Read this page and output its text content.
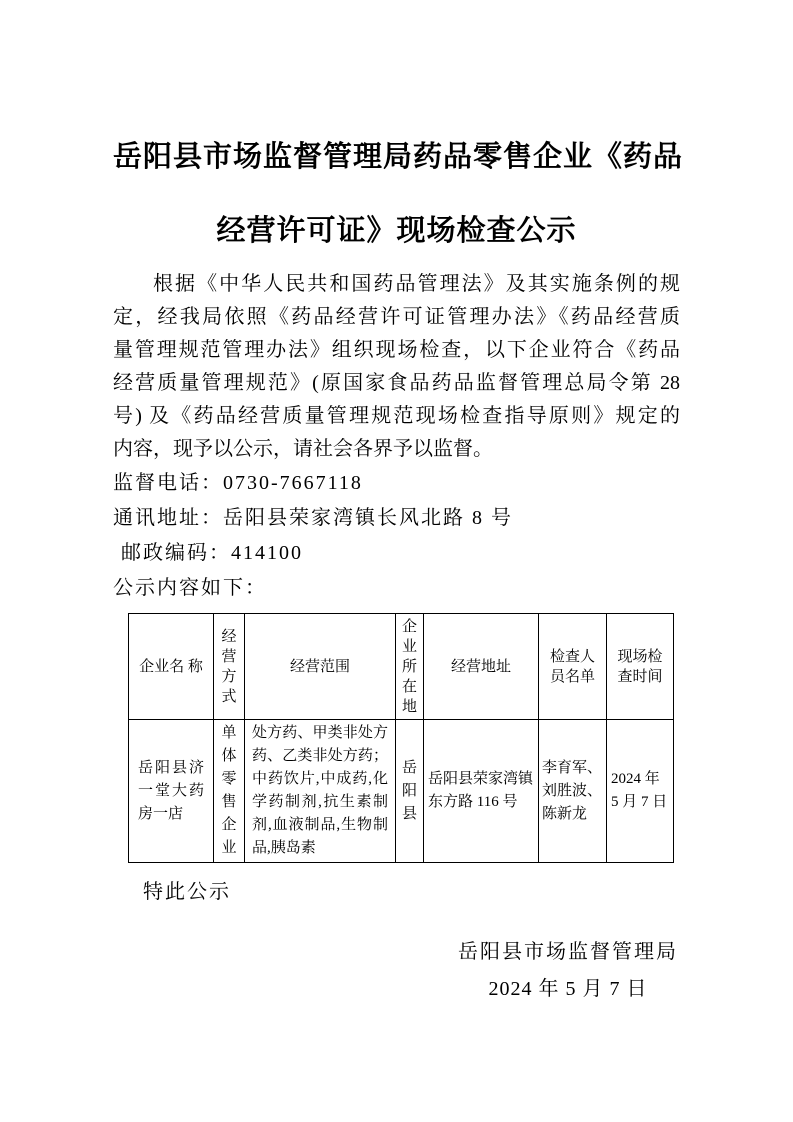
岳阳县市场监督管理局药品零售企业《药品
经营许可证》现场检查公示
根据《中华人民共和国药品管理法》及其实施条例的规
定，经我局依照《药品经营许可证管理办法》《药品经营质
量管理规范管理办法》组织现场检查，以下企业符合《药品
经营质量管理规范》(原国家食品药品监督管理总局令第 28
号) 及《药品经营质量管理规范现场检查指导原则》规定的
内容，现予以公示，请社会各界予以监督。
监督电话：0730-7667118
通讯地址：岳阳县荣家湾镇长风北路 8 号
邮政编码：414100
公示内容如下：
企业名 称	经营方式	经营范围	企业所在地	经营地址	检查人员名单	现场检查时间
岳阳县济一堂大药房一店	单体零售企业	处方药、甲类非处方药、乙类非处方药；中药饮片,中成药,化学药制剂,抗生素制剂,血液制品,生物制品,胰岛素	岳阳县	岳阳县荣家湾镇东方路 116 号	李育军、刘胜波、陈新龙	2024 年
5 月 7 日
特此公示
岳阳县市场监督管理局
2024 年 5 月 7 日
